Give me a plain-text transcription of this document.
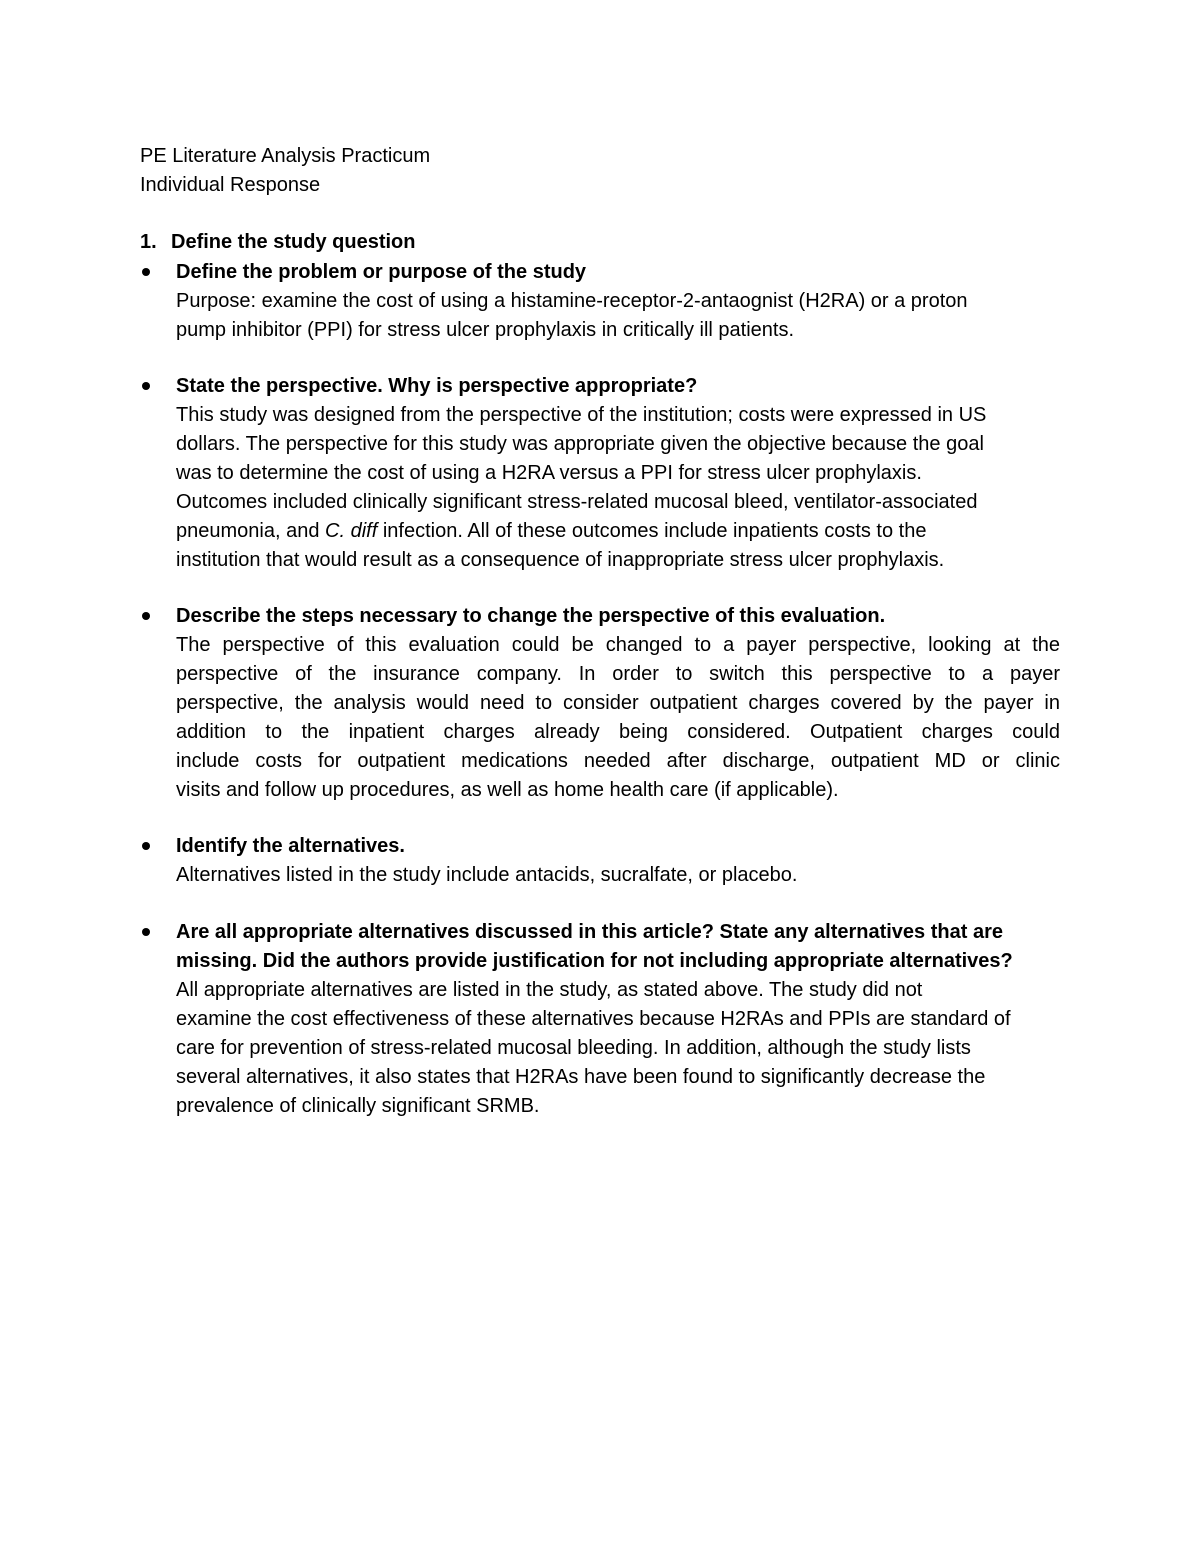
PE Literature Analysis Practicum
Individual Response
1. Define the study question
Define the problem or purpose of the study
Purpose: examine the cost of using a histamine-receptor-2-antaognist (H2RA) or a proton
pump inhibitor (PPI) for stress ulcer prophylaxis in critically ill patients.
State the perspective. Why is perspective appropriate?
This study was designed from the perspective of the institution; costs were expressed in US
dollars. The perspective for this study was appropriate given the objective because the goal
was to determine the cost of using a H2RA versus a PPI for stress ulcer prophylaxis.
Outcomes included clinically significant stress-related mucosal bleed, ventilator-associated
pneumonia, and C. diff infection. All of these outcomes include inpatients costs to the
institution that would result as a consequence of inappropriate stress ulcer prophylaxis.
Describe the steps necessary to change the perspective of this evaluation.
The perspective of this evaluation could be changed to a payer perspective, looking at the
perspective of the insurance company. In order to switch this perspective to a payer
perspective, the analysis would need to consider outpatient charges covered by the payer in
addition to the inpatient charges already being considered. Outpatient charges could
include costs for outpatient medications needed after discharge, outpatient MD or clinic
visits and follow up procedures, as well as home health care (if applicable).
Identify the alternatives.
Alternatives listed in the study include antacids, sucralfate, or placebo.
Are all appropriate alternatives discussed in this article? State any alternatives that are
missing. Did the authors provide justification for not including appropriate alternatives?
All appropriate alternatives are listed in the study, as stated above. The study did not
examine the cost effectiveness of these alternatives because H2RAs and PPIs are standard of
care for prevention of stress-related mucosal bleeding. In addition, although the study lists
several alternatives, it also states that H2RAs have been found to significantly decrease the
prevalence of clinically significant SRMB.
